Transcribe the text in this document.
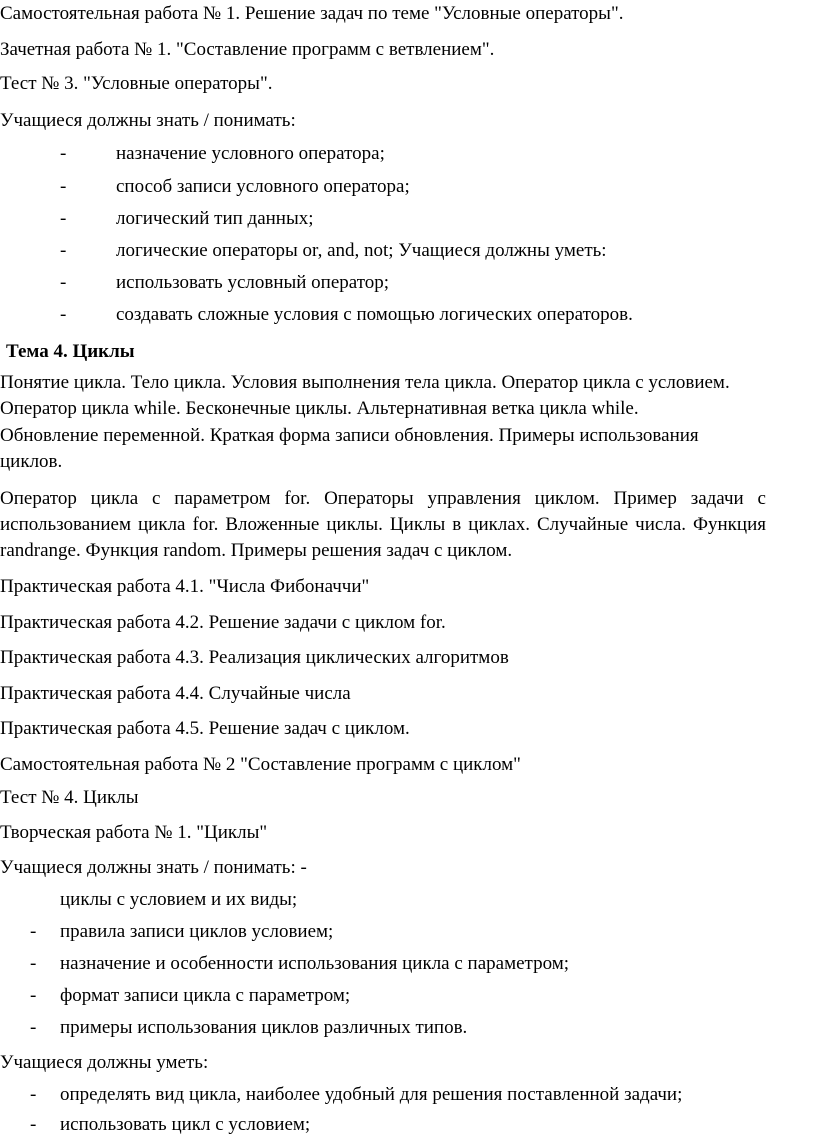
Самостоятельная работа № 1. Решение задач по теме "Условные операторы".
Зачетная работа № 1. "Составление программ с ветвлением".
Тест № 3. "Условные операторы".
Учащиеся должны знать / понимать:
-	назначение условного оператора;
-	способ записи условного оператора;
-	логический тип данных;
-	логические операторы or, and, not; Учащиеся должны уметь:
-	использовать условный оператор;
-	создавать сложные условия с помощью логических операторов.
Тема 4. Циклы
Понятие цикла. Тело цикла. Условия выполнения тела цикла. Оператор цикла с условием.
Оператор цикла while. Бесконечные циклы. Альтернативная ветка цикла while.
Обновление переменной. Краткая форма записи обновления. Примеры использования
циклов.
Оператор цикла с параметром for. Операторы управления циклом. Пример задачи с
использованием цикла for. Вложенные циклы. Циклы в циклах. Случайные числа. Функция
randrange. Функция random. Примеры решения задач с циклом.
Практическая работа 4.1. "Числа Фибоначчи"
Практическая работа 4.2. Решение задачи с циклом for.
Практическая работа 4.3. Реализация циклических алгоритмов
Практическая работа 4.4. Случайные числа
Практическая работа 4.5. Решение задач с циклом.
Самостоятельная работа № 2 "Составление программ с циклом"
Тест № 4. Циклы
Творческая работа № 1. "Циклы"
Учащиеся должны знать / понимать: -
циклы с условием и их виды;
- правила записи циклов условием;
- назначение и особенности использования цикла с параметром;
- формат записи цикла с параметром;
- примеры использования циклов различных типов.
Учащиеся должны уметь:
- определять вид цикла, наиболее удобный для решения поставленной задачи;
- использовать цикл с условием;
